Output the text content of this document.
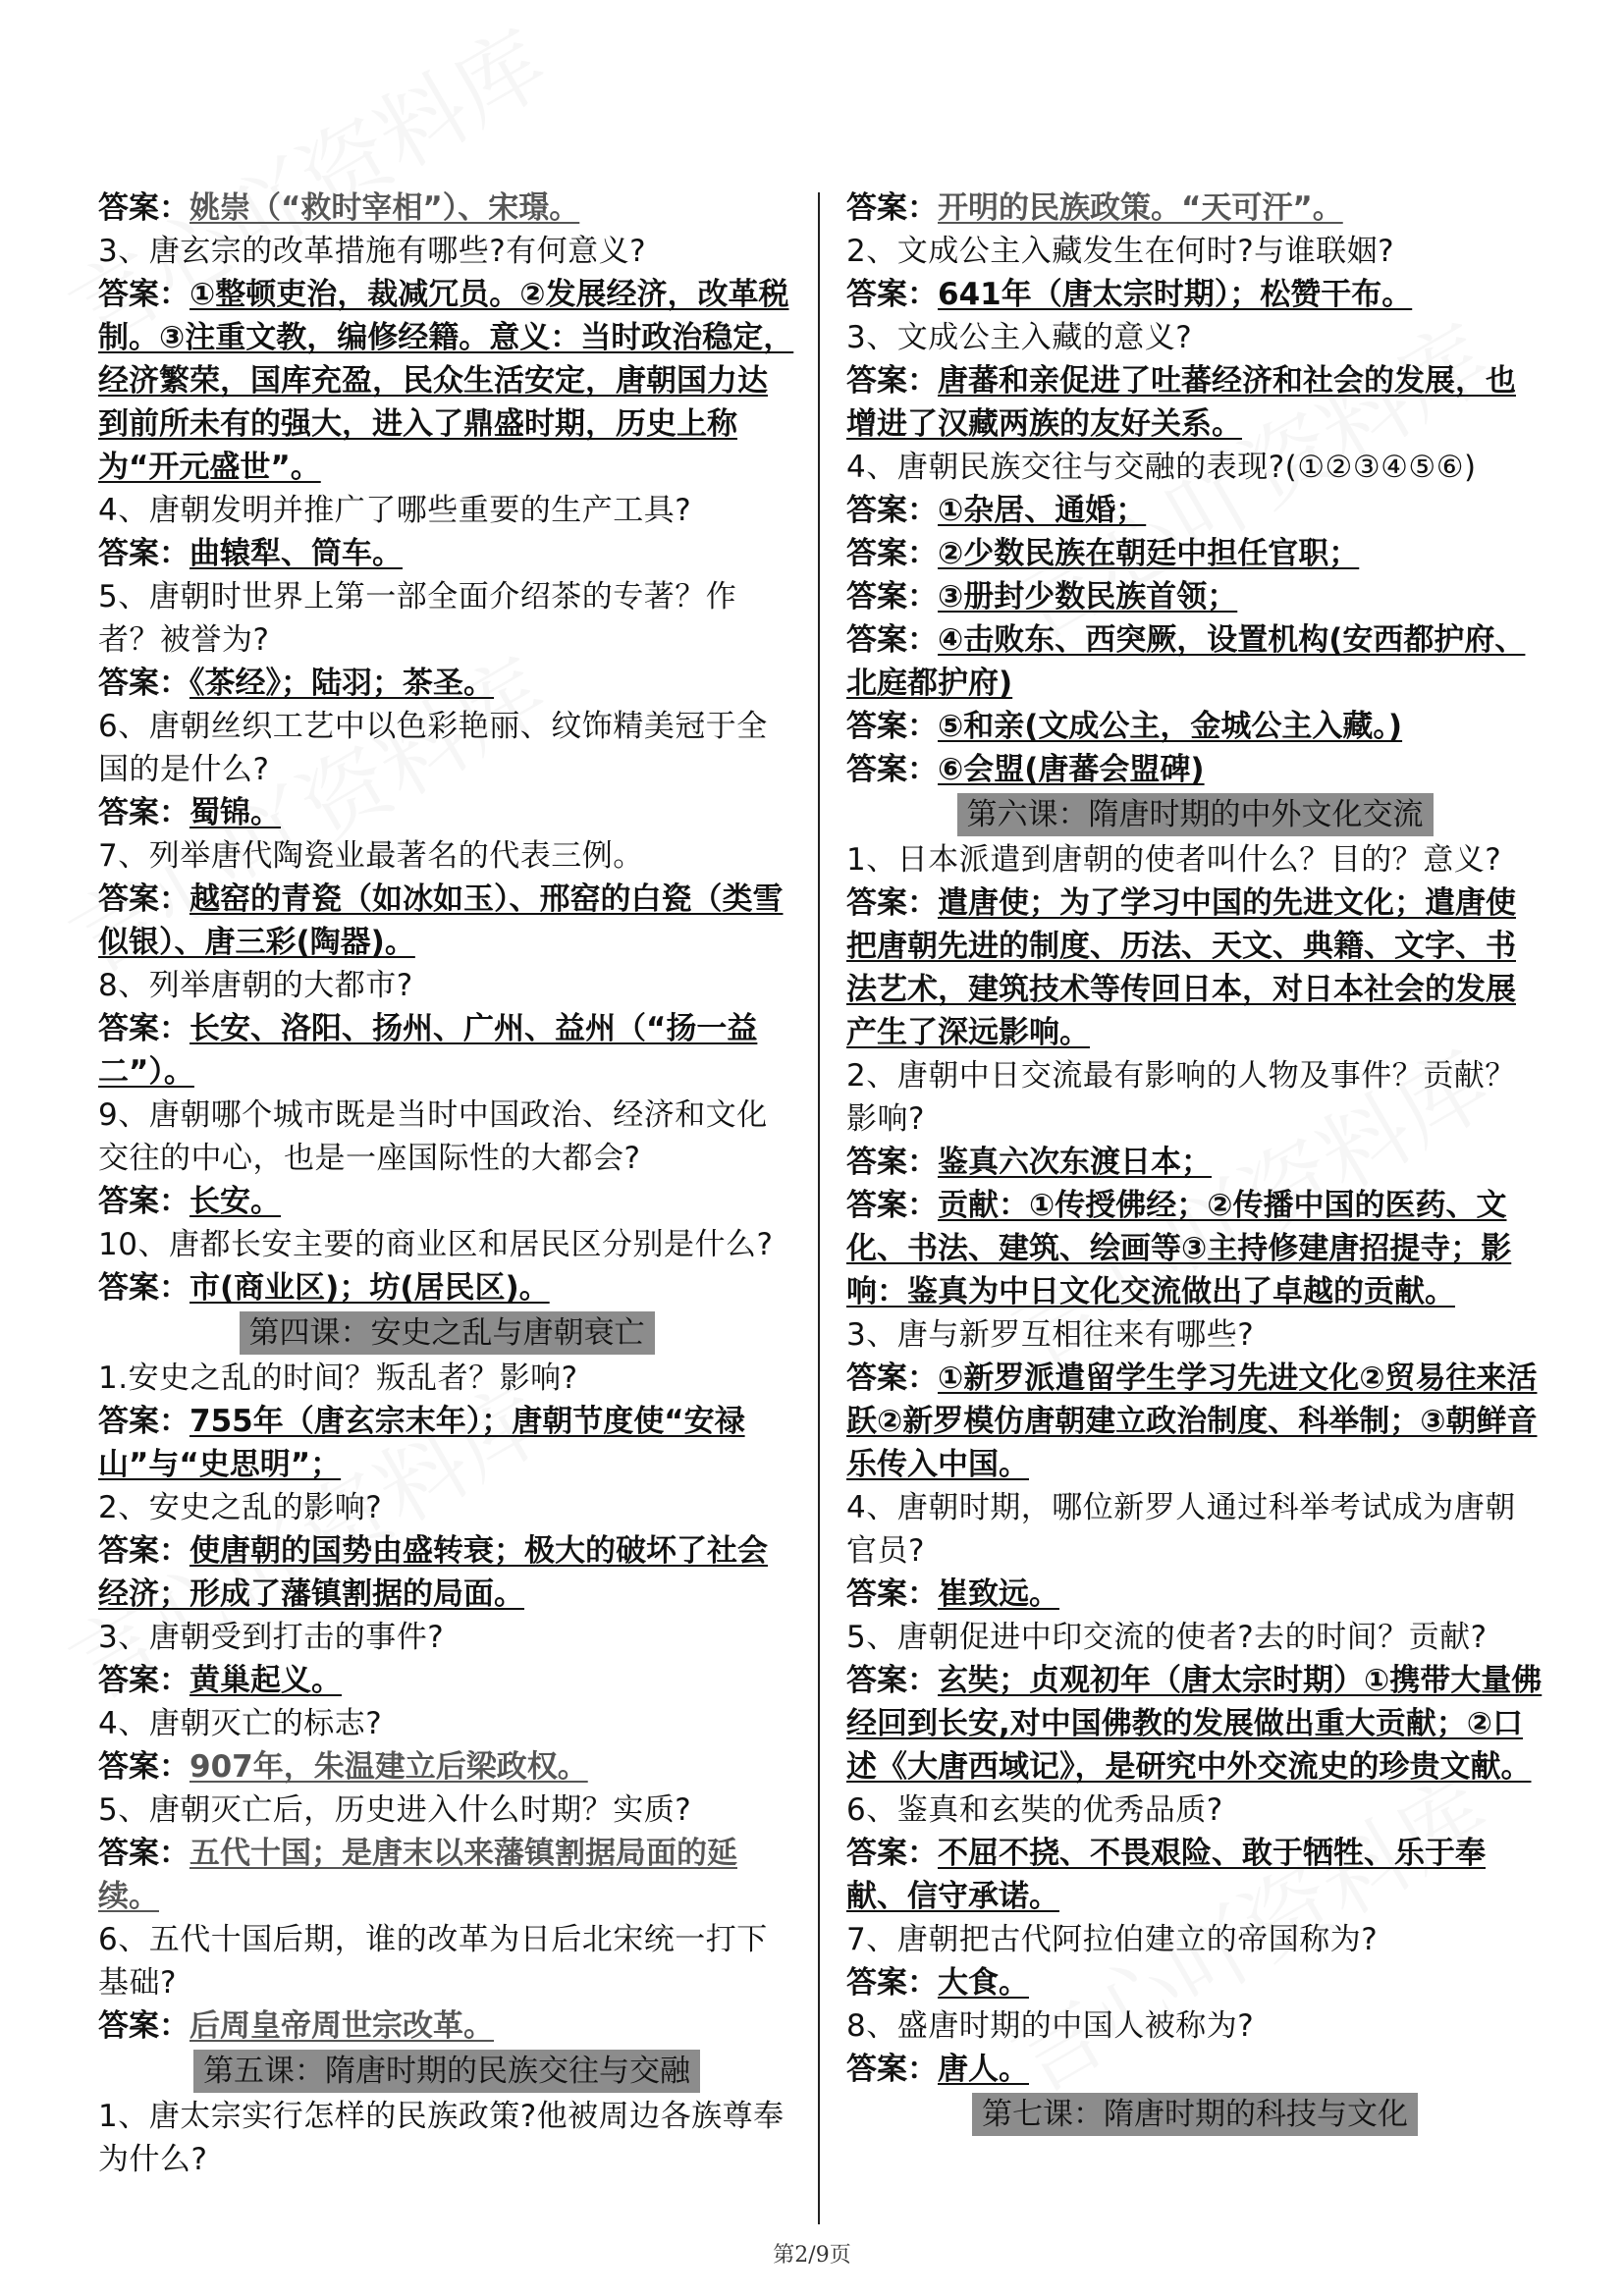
答案：姚崇（“救时宰相”）、宋璟。

3、唐玄宗的改革措施有哪些?有何意义?

答案：①整顿吏治，裁减冗员。②发展经济，改革税制。③注重文教，编修经籍。意义：当时政治稳定，经济繁荣，国库充盈，民众生活安定，唐朝国力达到前所未有的强大，进入了鼎盛时期，历史上称为“开元盛世”。

4、唐朝发明并推广了哪些重要的生产工具?

答案：曲辕犁、筒车。

5、唐朝时世界上第一部全面介绍茶的专著？作者？被誉为?

答案：《茶经》；陆羽；茶圣。

6、唐朝丝织工艺中以色彩艳丽、纹饰精美冠于全国的是什么?

答案：蜀锦。

7、列举唐代陶瓷业最著名的代表三例。

答案：越窑的青瓷（如冰如玉）、邢窑的白瓷（类雪似银）、唐三彩(陶器)。

8、列举唐朝的大都市?

答案：长安、洛阳、扬州、广州、益州（“扬一益二”）。

9、唐朝哪个城市既是当时中国政治、经济和文化交往的中心，也是一座国际性的大都会?

答案：长安。

10、唐都长安主要的商业区和居民区分别是什么?

答案：市(商业区)；坊(居民区)。

第四课：安史之乱与唐朝衰亡

1.安史之乱的时间？叛乱者？影响?

答案：755年（唐玄宗末年）；唐朝节度使“安禄山”与“史思明”；

2、安史之乱的影响?

答案：使唐朝的国势由盛转衰；极大的破坏了社会经济；形成了藩镇割据的局面。

3、唐朝受到打击的事件?

答案：黄巢起义。

4、唐朝灭亡的标志?

答案：907年，朱温建立后梁政权。

5、唐朝灭亡后，历史进入什么时期？实质?

答案：五代十国；是唐末以来藩镇割据局面的延续。

6、五代十国后期，谁的改革为日后北宋统一打下基础?

答案：后周皇帝周世宗改革。

第五课：隋唐时期的民族交往与交融

1、唐太宗实行怎样的民族政策?他被周边各族尊奉为什么?

答案：开明的民族政策。“天可汗”。

2、文成公主入藏发生在何时?与谁联姻?

答案：641年（唐太宗时期）；松赞干布。

3、文成公主入藏的意义?

答案：唐蕃和亲促进了吐蕃经济和社会的发展，也增进了汉藏两族的友好关系。

4、唐朝民族交往与交融的表现?(①②③④⑤⑥)

答案：①杂居、通婚；

答案：②少数民族在朝廷中担任官职；

答案：③册封少数民族首领；

答案：④击败东、西突厥，设置机构(安西都护府、北庭都护府)

答案：⑤和亲(文成公主，金城公主入藏。)

答案：⑥会盟(唐蕃会盟碑)

第六课：隋唐时期的中外文化交流

1、日本派遣到唐朝的使者叫什么？目的？意义?

答案：遣唐使；为了学习中国的先进文化；遣唐使把唐朝先进的制度、历法、天文、典籍、文字、书法艺术，建筑技术等传回日本，对日本社会的发展产生了深远影响。

2、唐朝中日交流最有影响的人物及事件？贡献？影响?

答案：鉴真六次东渡日本；

答案：贡献：①传授佛经；②传播中国的医药、文化、书法、建筑、绘画等③主持修建唐招提寺；影响：鉴真为中日文化交流做出了卓越的贡献。

3、唐与新罗互相往来有哪些?

答案：①新罗派遣留学生学习先进文化②贸易往来活跃②新罗模仿唐朝建立政治制度、科举制；③朝鲜音乐传入中国。

4、唐朝时期，哪位新罗人通过科举考试成为唐朝官员?

答案：崔致远。

5、唐朝促进中印交流的使者?去的时间？贡献?

答案：玄奘；贞观初年（唐太宗时期）①携带大量佛经回到长安,对中国佛教的发展做出重大贡献；②口述《大唐西域记》，是研究中外交流史的珍贵文献。

6、鉴真和玄奘的优秀品质?

答案：不屈不挠、不畏艰险、敢于牺牲、乐于奉献、信守承诺。

7、唐朝把古代阿拉伯建立的帝国称为?

答案：大食。

8、盛唐时期的中国人被称为?

答案：唐人。

第七课：隋唐时期的科技与文化
第2/9页
